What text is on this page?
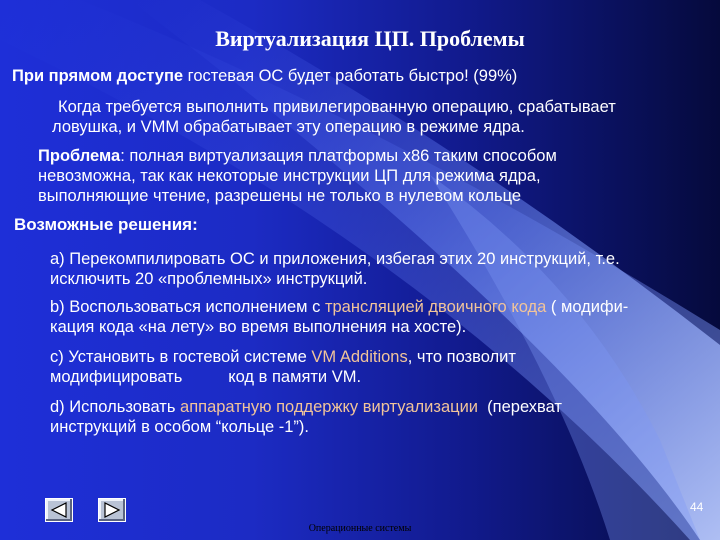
Виртуализация ЦП. Проблемы
При прямом доступе гостевая ОС будет работать быстро! (99%)
Когда требуется выполнить привилегированную операцию, срабатывает
ловушка, и VMM обрабатывает эту операцию в режиме ядра.
Проблема: полная виртуализация платформы x86 таким способом
невозможна, так как некоторые инструкции ЦП для режима ядра,
выполняющие чтение, разрешены не только в нулевом кольце
Возможные решения:
a) Перекомпилировать ОС и приложения, избегая этих 20 инструкций, т.е.
исключить 20 «проблемных» инструкций.
b) Воспользоваться исполнением с трансляцией двоичного кода ( модифи-
кация кода «на лету» во время выполнения на хосте).
c) Установить в гостевой системе VM Additions, что позволит
модифицировать          код в памяти VM.
d) Использовать аппаратную поддержку виртуализации  (перехват
инструкций в особом “кольце -1”).
44
Операционные системы
